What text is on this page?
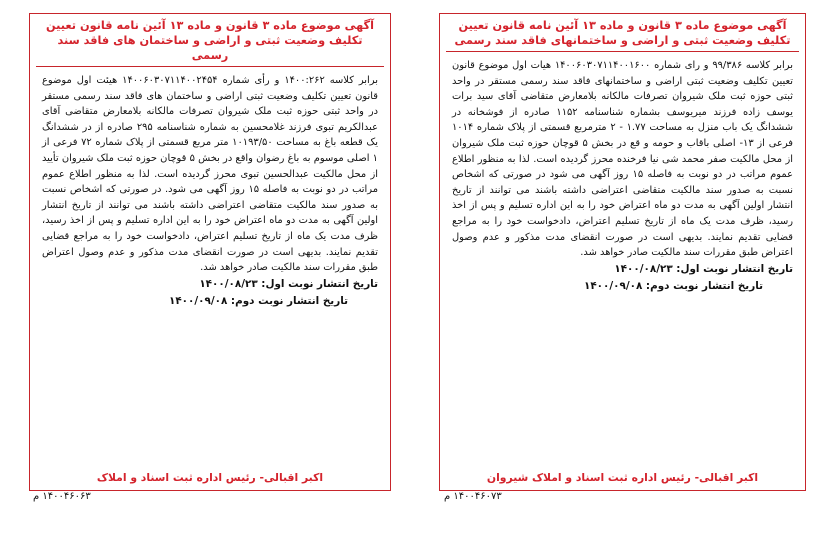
آگهی موضوع ماده ۳ قانون و ماده ۱۳ آئین نامه قانون تعیین تکلیف وضعیت ثبتی و اراضی و ساختمان های فاقد سند رسمی

برابر کلاسه ۱۴۰۰:۲۶۲ و رأی شماره ۱۴۰۰۶۰۳۰۷۱۱۴۰۰۲۴۵۴ هیئت اول موضوع قانون تعیین تکلیف وضعیت ثبتی اراضی و ساختمان های فاقد سند رسمی مستقر در واحد ثبتی حوزه ثبت ملک شیروان تصرفات مالکانه بلامعارض متقاضی آقای عبدالکریم تبوی فرزند غلامحسین به شماره شناسنامه ۲۹۵ صادره از در ششدانگ یک قطعه باغ به مساحت ۱۰۱۹۳/۵۰ متر مربع قسمتی از پلاک شماره ۷۲ فرعی از ۱ اصلی موسوم به باغ رضوان واقع در بخش ۵ قوچان حوزه ثبت ملک شیروان تأیید از محل مالکیت عبدالحسین تبوی محرز گردیده است. لذا به منظور اطلاع عموم مراتب در دو نوبت به فاصله ۱۵ روز آگهی می شود. در صورتی که اشخاص نسبت به صدور سند مالکیت متقاضی اعتراضی داشته باشند می توانند از تاریخ انتشار اولین آگهی به مدت دو ماه اعتراض خود را به این اداره تسلیم و پس از اخذ رسید، ظرف مدت یک ماه از تاریخ تسلیم اعتراض، دادخواست خود را به مراجع قضایی تقدیم نمایند. بدیهی است در صورت انقضای مدت مذکور و عدم وصول اعتراض طبق مقررات سند مالکیت صادر خواهد شد.

تاریخ انتشار نوبت اول: ۱۴۰۰/۰۸/۲۳

تاریخ انتشار نوبت دوم: ۱۴۰۰/۰۹/۰۸

اکبر اقبالی- رئیس اداره ثبت اسناد و املاک
۱۴۰۰۴۶۰۶۳ م

آگهی موضوع ماده ۳ قانون و ماده ۱۳ آئین نامه قانون تعیین تکلیف وضعیت ثبتی و اراضی و ساختمانهای فاقد سند رسمی

برابر کلاسه ۹۹/۳۸۶ و رای شماره ۱۴۰۰۶۰۳۰۷۱۱۴۰۰۱۶۰۰ هیات اول موضوع قانون تعیین تکلیف وضعیت ثبتی اراضی و ساختمانهای فاقد سند رسمی مستقر در واحد ثبتی حوزه ثبت ملک شیروان تصرفات مالکانه بلامعارض متقاضی آقای سید برات یوسف زاده فرزند میریوسف بشماره شناسنامه ۱۱۵۲ صادره از فوشخانه در ششدانگ یک باب منزل به مساحت ۱.۷۷ - ۲ مترمربع قسمتی از پلاک شماره ۱۰۱۴ فرعی از ۱۳- اصلی باقاب و حومه و قع در بخش ۵ قوچان حوزه ثبت ملک شیروان از محل مالکیت صفر محمد شی نیا فرخنده محرز گردیده است. لذا به منظور اطلاع عموم مراتب در دو نوبت به فاصله ۱۵ روز آگهی می شود در صورتی که اشخاص نسبت به صدور سند مالکیت متقاضی اعتراضی داشته باشند می توانند از تاریخ انتشار اولین آگهی به مدت دو ماه اعتراض خود را به این اداره تسلیم و پس از اخذ رسید، ظرف مدت یک ماه از تاریخ تسلیم اعتراض، دادخواست خود را به مراجع قضایی تقدیم نمایند. بدیهی است در صورت انقضای مدت مذکور و عدم وصول اعتراض طبق مقررات سند مالکیت صادر خواهد شد.

تاریخ انتشار نوبت اول: ۱۴۰۰/۰۸/۲۳

تاریخ انتشار نوبت دوم: ۱۴۰۰/۰۹/۰۸

اکبر اقبالی- رئیس اداره ثبت اسناد و املاک شیروان
۱۴۰۰۴۶۰۷۳ م
